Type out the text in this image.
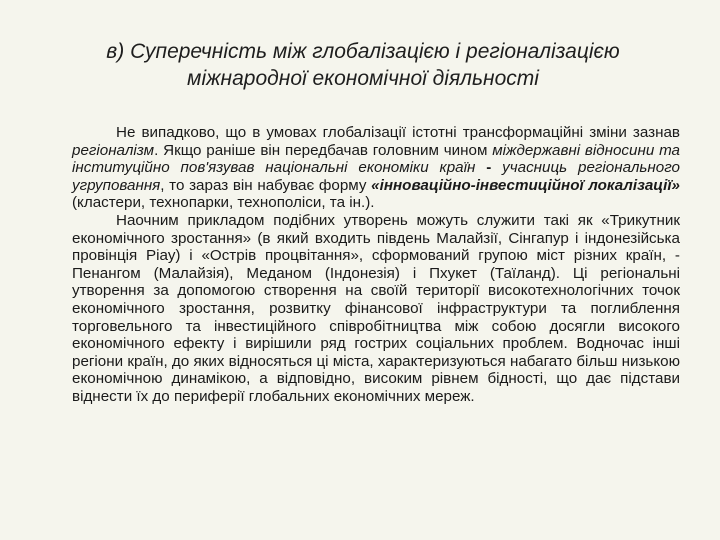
в) Суперечність між глобалізацією і регіоналізацією
міжнародної економічної діяльності

Не випадково, що в умовах глобалізації істотні трансформаційні зміни зазнав регіоналізм. Якщо раніше він передбачав головним чином міждержавні відносини та інституційно пов'язував національні економіки країн - учасниць регіонального угруповання, то зараз він набуває форму «інноваційно-інвестиційної локалізації» (кластери, технопарки, технополіси, та ін.).

Наочним прикладом подібних утворень можуть служити такі як «Трикутник економічного зростання» (в який входить південь Малайзії, Сінгапур і індонезійська провінція Ріау) і «Острів процвітання», сформований групою міст різних країн, - Пенангом (Малайзія), Меданом (Індонезія) і Пхукет (Таїланд). Ці регіональні утворення за допомогою створення на своїй території високотехнологічних точок економічного зростання, розвитку фінансової інфраструктури та поглиблення торговельного та інвестиційного співробітництва між собою досягли високого економічного ефекту і вирішили ряд гострих соціальних проблем. Водночас інші регіони країн, до яких відносяться ці міста, характеризуються набагато більш низькою економічною динамікою, а відповідно, високим рівнем бідності, що дає підстави віднести їх до периферії глобальних економічних мереж.
